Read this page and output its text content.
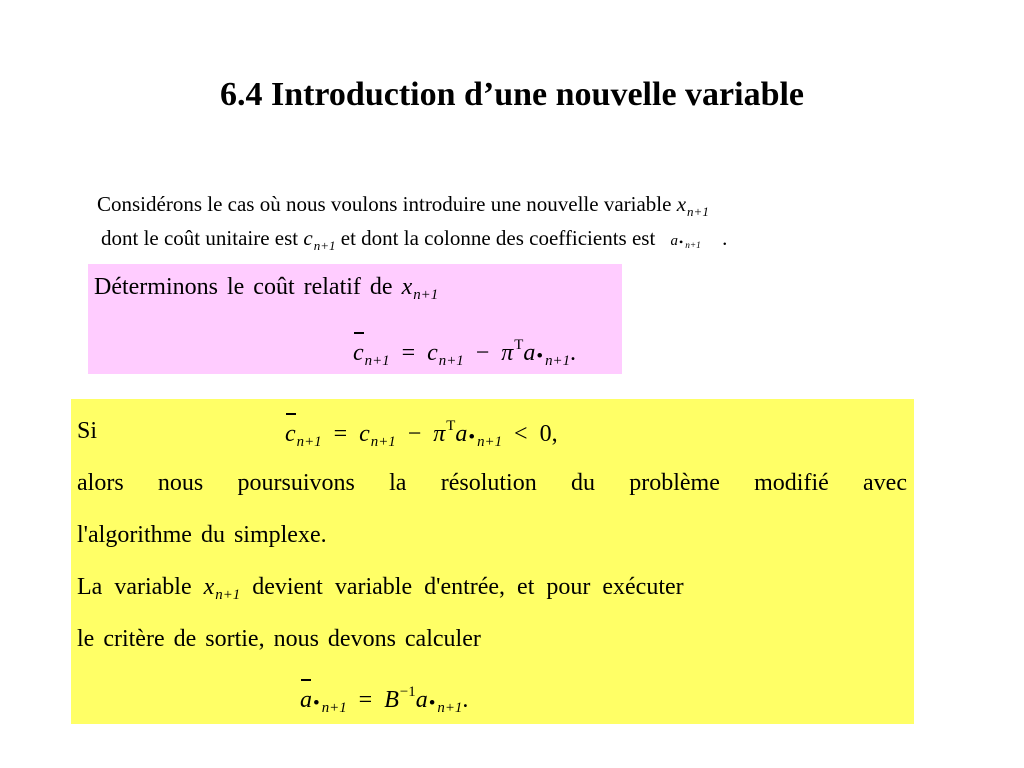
6.4 Introduction d’une nouvelle variable
Considérons le cas où nous voulons introduire une nouvelle variable $x_{n+1}$
dont le coût unitaire est $c_{n+1}$ et dont la colonne des coefficients est a• $_{n+1}$ .
Déterminons le coût relatif de $x_{n+1}$
$c_{n+1} = c_{n+1}$ − $\pi^Ta•$ $_{n+1}$.
Si	$c_{n+1} = c_{n+1}$ − $\pi^Ta•$ $_{n+1}$ < 0,
alors nous poursuivons la résolution du problème modifié avec
l'algorithme du simplexe.
La variable $x_{n+1}$ devient variable d'entrée, et pour exécuter
le critère de sortie, nous devons calculer
a• $_{n+1} = B^{-1}a•$ $_{n+1}$.
